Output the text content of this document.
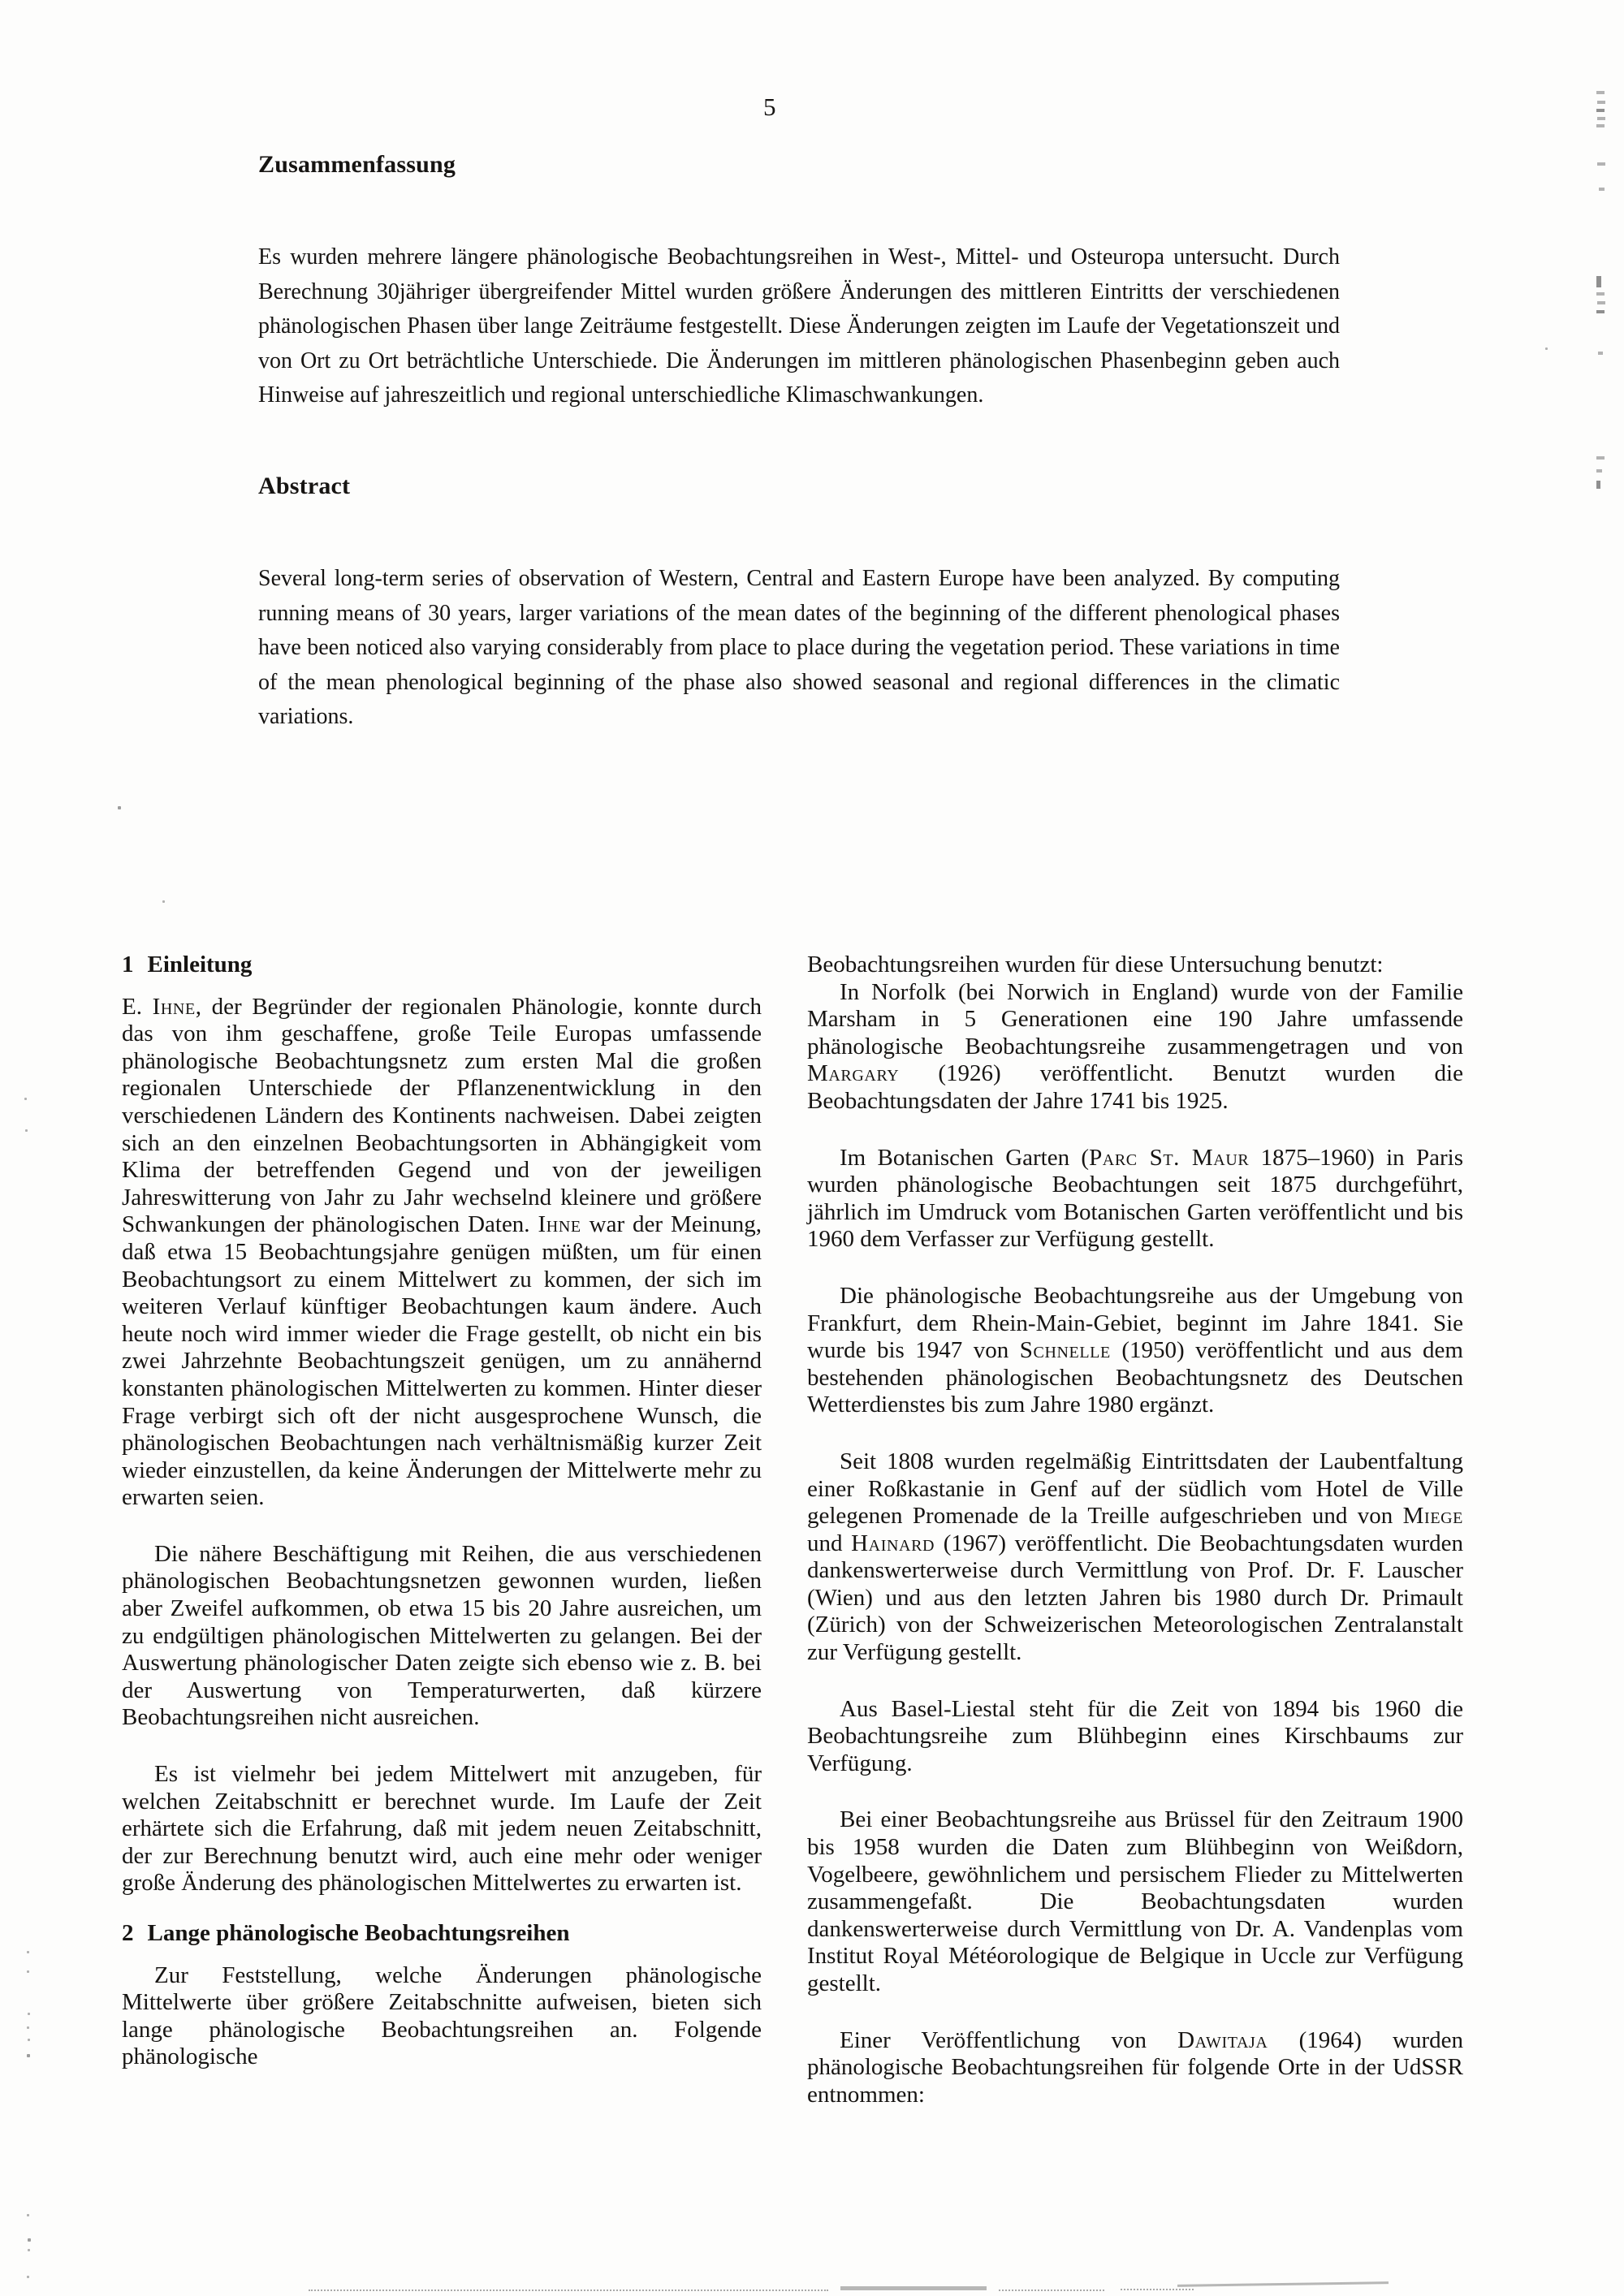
5
Zusammenfassung

Es wurden mehrere längere phänologische Beobachtungsreihen in West-, Mittel- und Osteuropa untersucht. Durch Berechnung 30jähriger übergreifender Mittel wurden größere Änderungen des mittleren Eintritts der verschiedenen phänologischen Phasen über lange Zeiträume festgestellt. Diese Änderungen zeigten im Laufe der Vegetationszeit und von Ort zu Ort beträchtliche Unterschiede. Die Änderungen im mittleren phänologischen Phasenbeginn geben auch Hinweise auf jahreszeitlich und regional unterschiedliche Klimaschwankungen.

Abstract

Several long-term series of observation of Western, Central and Eastern Europe have been analyzed. By computing running means of 30 years, larger variations of the mean dates of the beginning of the different phenological phases have been noticed also varying considerably from place to place during the vegetation period. These variations in time of the mean phenological beginning of the phase also showed seasonal and regional differences in the climatic variations.

1 Einleitung

E. Ihne, der Begründer der regionalen Phänologie, konnte durch das von ihm geschaffene, große Teile Europas umfassende phänologische Beobachtungsnetz zum ersten Mal die großen regionalen Unterschiede der Pflanzenentwicklung in den verschiedenen Ländern des Kontinents nachweisen. Dabei zeigten sich an den einzelnen Beobachtungsorten in Abhängigkeit vom Klima der betreffenden Gegend und von der jeweiligen Jahreswitterung von Jahr zu Jahr wechselnd kleinere und größere Schwankungen der phänologischen Daten. Ihne war der Meinung, daß etwa 15 Beobachtungsjahre genügen müßten, um für einen Beobachtungsort zu einem Mittelwert zu kommen, der sich im weiteren Verlauf künftiger Beobachtungen kaum ändere. Auch heute noch wird immer wieder die Frage gestellt, ob nicht ein bis zwei Jahrzehnte Beobachtungszeit genügen, um zu annähernd konstanten phänologischen Mittelwerten zu kommen. Hinter dieser Frage verbirgt sich oft der nicht ausgesprochene Wunsch, die phänologischen Beobachtungen nach verhältnismäßig kurzer Zeit wieder einzustellen, da keine Änderungen der Mittelwerte mehr zu erwarten seien.

Die nähere Beschäftigung mit Reihen, die aus verschiedenen phänologischen Beobachtungsnetzen gewonnen wurden, ließen aber Zweifel aufkommen, ob etwa 15 bis 20 Jahre ausreichen, um zu endgültigen phänologischen Mittelwerten zu gelangen. Bei der Auswertung phänologischer Daten zeigte sich ebenso wie z. B. bei der Auswertung von Temperaturwerten, daß kürzere Beobachtungsreihen nicht ausreichen.

Es ist vielmehr bei jedem Mittelwert mit anzugeben, für welchen Zeitabschnitt er berechnet wurde. Im Laufe der Zeit erhärtete sich die Erfahrung, daß mit jedem neuen Zeitabschnitt, der zur Berechnung benutzt wird, auch eine mehr oder weniger große Änderung des phänologischen Mittelwertes zu erwarten ist.

2 Lange phänologische Beobachtungsreihen

Zur Feststellung, welche Änderungen phänologische Mittelwerte über größere Zeitabschnitte aufweisen, bieten sich lange phänologische Beobachtungsreihen an. Folgende phänologische

Beobachtungsreihen wurden für diese Untersuchung benutzt:

In Norfolk (bei Norwich in England) wurde von der Familie Marsham in 5 Generationen eine 190 Jahre umfassende phänologische Beobachtungsreihe zusammengetragen und von Margary (1926) veröffentlicht. Benutzt wurden die Beobachtungsdaten der Jahre 1741 bis 1925.

Im Botanischen Garten (Parc St. Maur 1875–1960) in Paris wurden phänologische Beobachtungen seit 1875 durchgeführt, jährlich im Umdruck vom Botanischen Garten veröffentlicht und bis 1960 dem Verfasser zur Verfügung gestellt.

Die phänologische Beobachtungsreihe aus der Umgebung von Frankfurt, dem Rhein-Main-Gebiet, beginnt im Jahre 1841. Sie wurde bis 1947 von Schnelle (1950) veröffentlicht und aus dem bestehenden phänologischen Beobachtungsnetz des Deutschen Wetterdienstes bis zum Jahre 1980 ergänzt.

Seit 1808 wurden regelmäßig Eintrittsdaten der Laubentfaltung einer Roßkastanie in Genf auf der südlich vom Hotel de Ville gelegenen Promenade de la Treille aufgeschrieben und von Miege und Hainard (1967) veröffentlicht. Die Beobachtungsdaten wurden dankenswerterweise durch Vermittlung von Prof. Dr. F. Lauscher (Wien) und aus den letzten Jahren bis 1980 durch Dr. Primault (Zürich) von der Schweizerischen Meteorologischen Zentralanstalt zur Verfügung gestellt.

Aus Basel-Liestal steht für die Zeit von 1894 bis 1960 die Beobachtungsreihe zum Blühbeginn eines Kirschbaums zur Verfügung.

Bei einer Beobachtungsreihe aus Brüssel für den Zeitraum 1900 bis 1958 wurden die Daten zum Blühbeginn von Weißdorn, Vogelbeere, gewöhnlichem und persischem Flieder zu Mittelwerten zusammengefaßt. Die Beobachtungsdaten wurden dankenswerterweise durch Vermittlung von Dr. A. Vandenplas vom Institut Royal Météorologique de Belgique in Uccle zur Verfügung gestellt.

Einer Veröffentlichung von Dawitaja (1964) wurden phänologische Beobachtungsreihen für folgende Orte in der UdSSR entnommen:
